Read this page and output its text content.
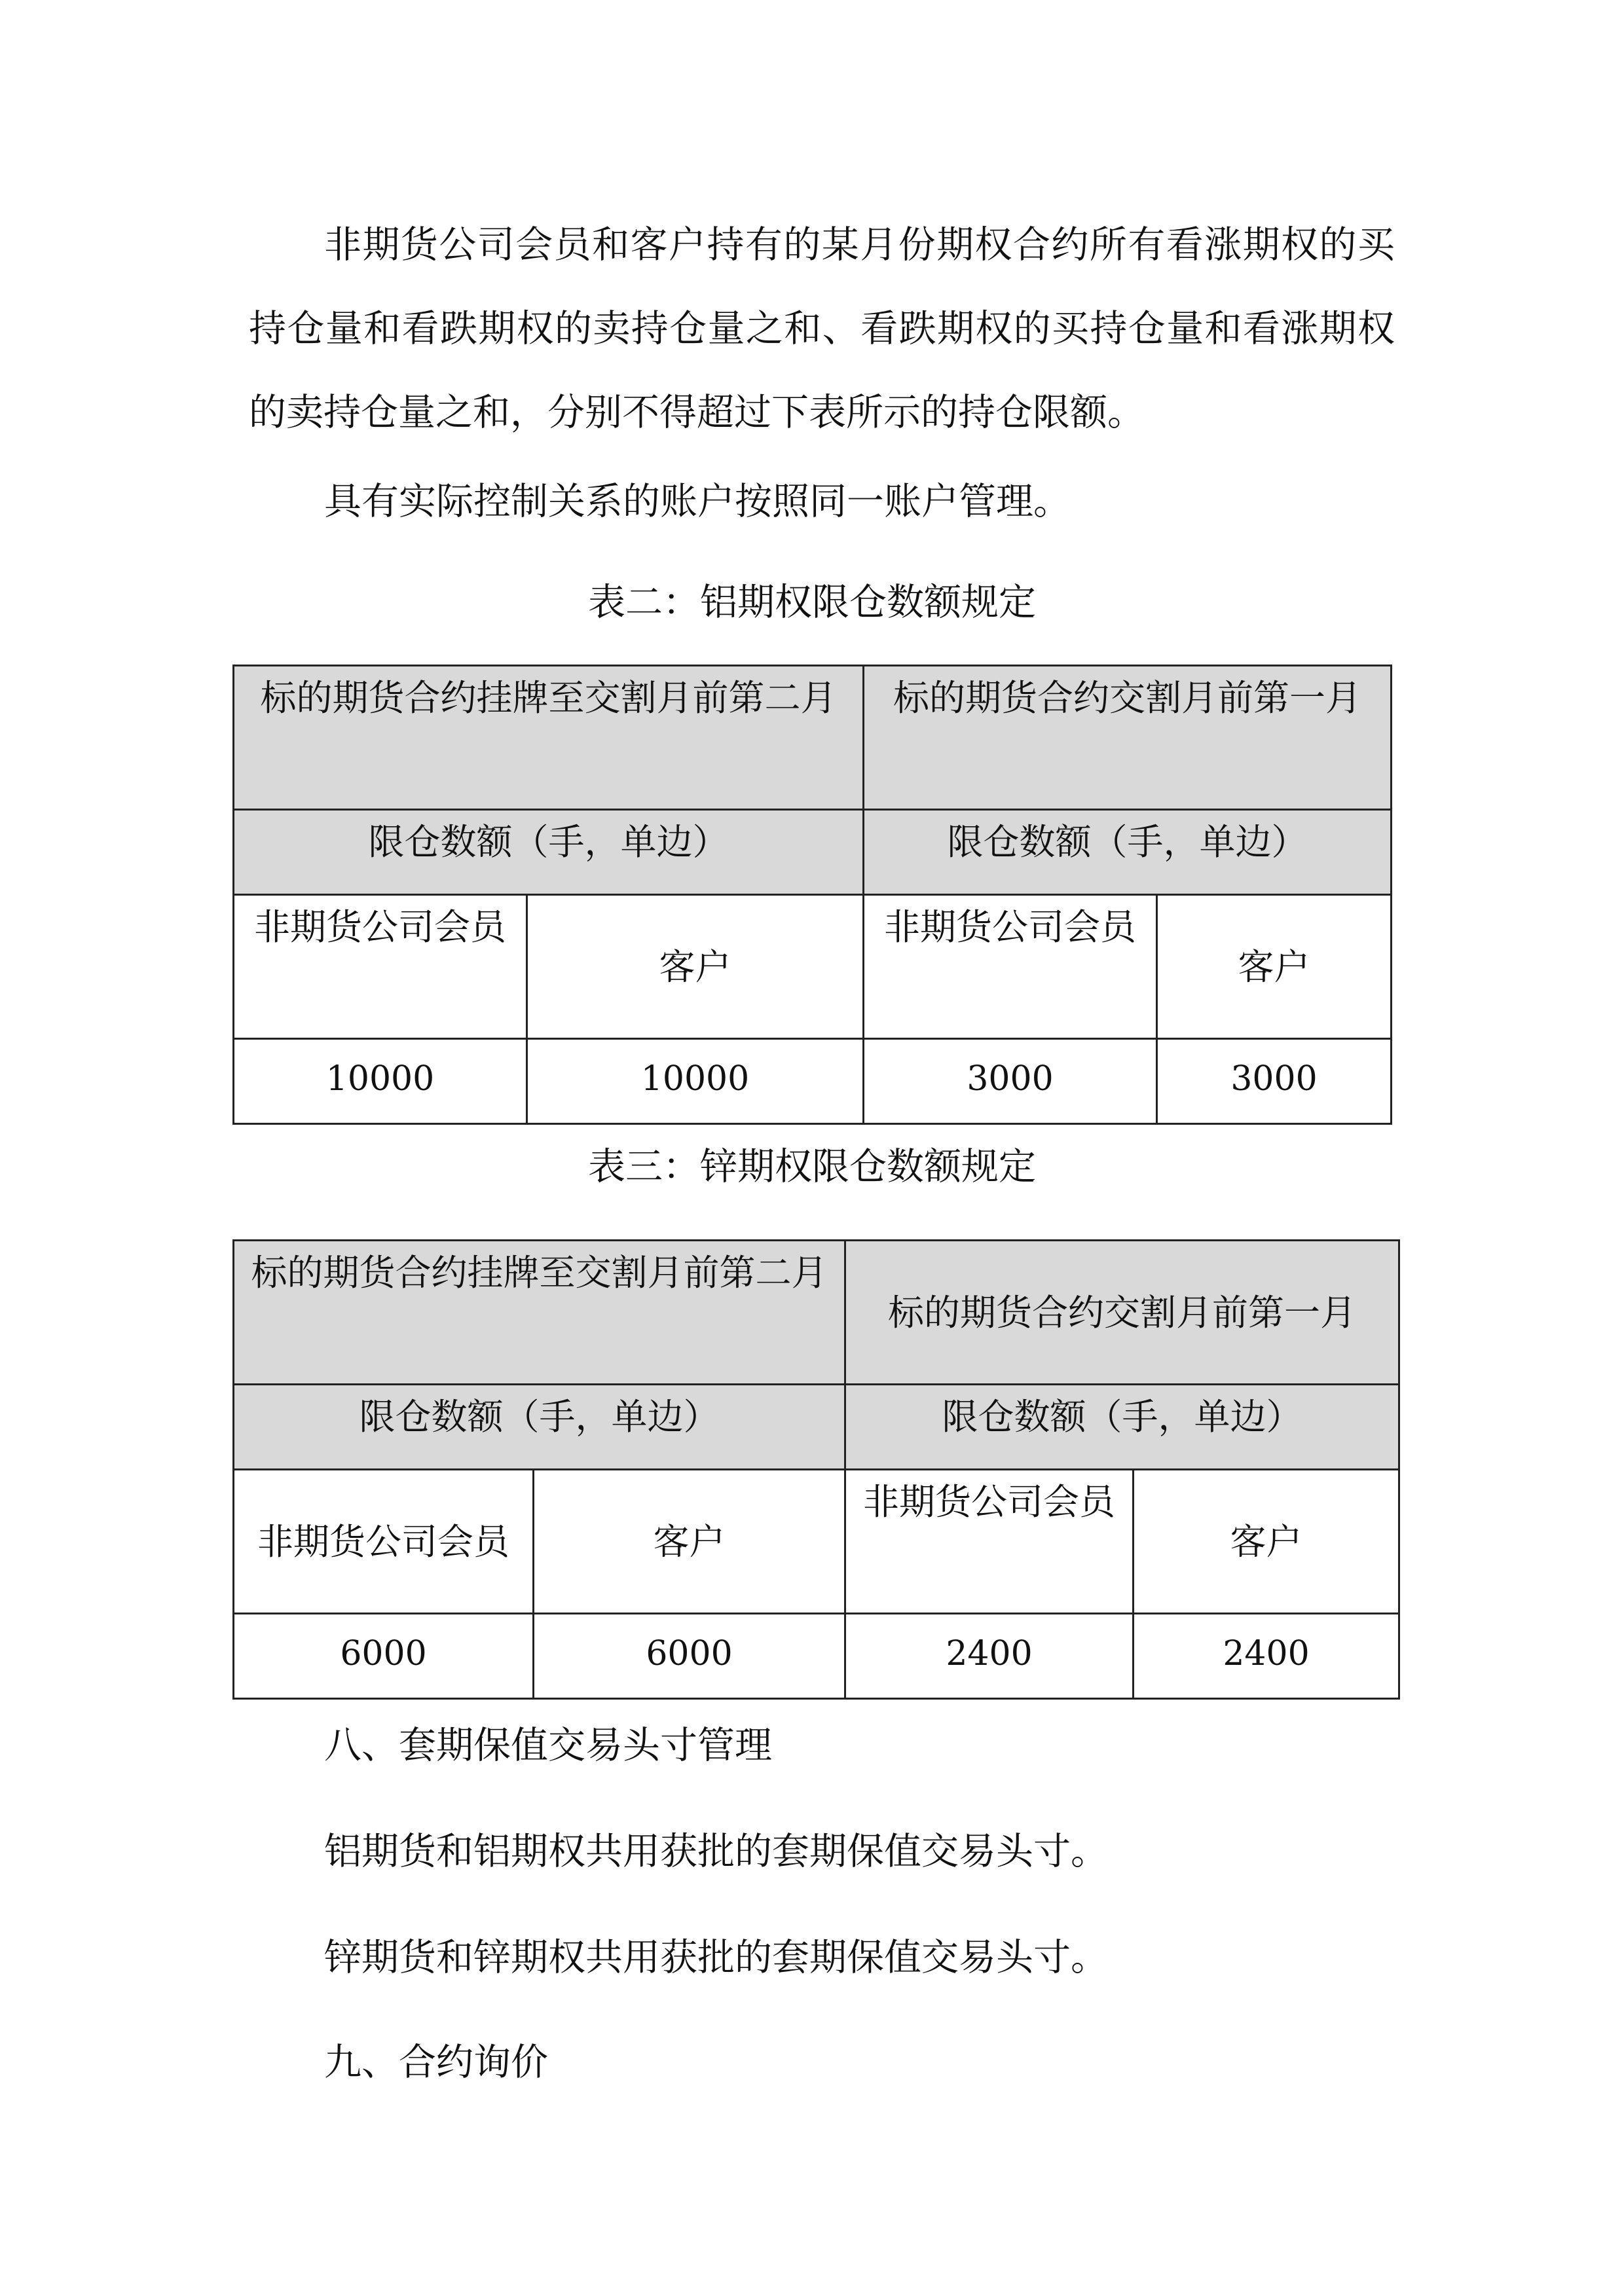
非期货公司会员和客户持有的某月份期权合约所有看涨期权的买持仓量和看跌期权的卖持仓量之和、看跌期权的买持仓量和看涨期权的卖持仓量之和，分别不得超过下表所示的持仓限额。

具有实际控制关系的账户按照同一账户管理。

表二：铝期权限仓数额规定

标的期货合约挂牌至交割月前第二月		标的期货合约交割月前第一月	
限仓数额（手，单边）		限仓数额（手，单边）	
非期货公司会员	客户	非期货公司会员	客户
10000	10000	3000	3000

表三：锌期权限仓数额规定

标的期货合约挂牌至交割月前第二月		标的期货合约交割月前第一月	
限仓数额（手，单边）		限仓数额（手，单边）	
非期货公司会员	客户	非期货公司会员	客户
6000	6000	2400	2400

八、套期保值交易头寸管理

铝期货和铝期权共用获批的套期保值交易头寸。

锌期货和锌期权共用获批的套期保值交易头寸。

九、合约询价
